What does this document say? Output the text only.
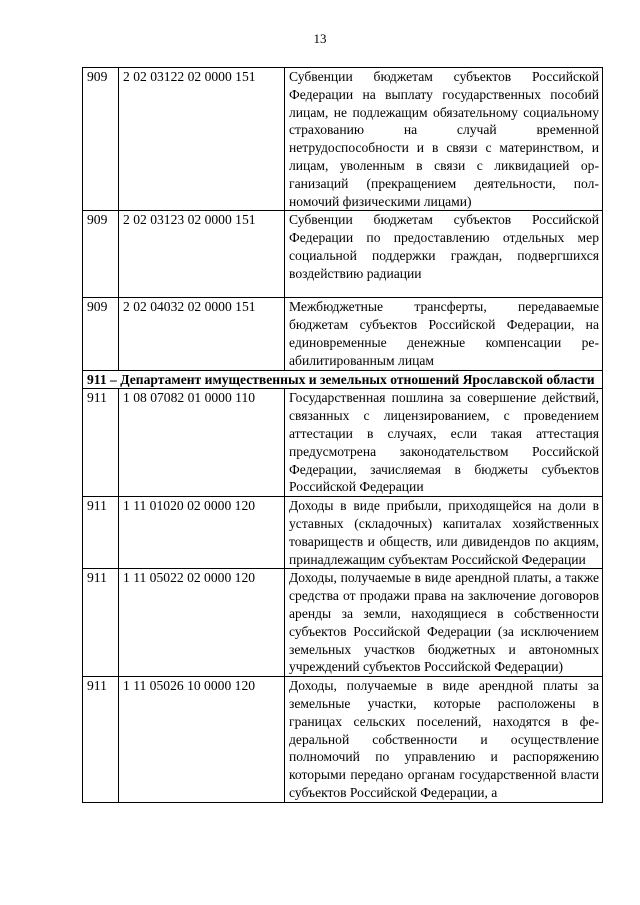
13
909	2 02 03122 02 0000 151	Субвенции бюджетам субъектов Российской Федерации на выплату государственных пособий лицам, не подлежащим обязательному социальному страхованию на случай временной нетрудоспособности и в связи с материнством, и лицам, уволенным в связи с ликвидацией организаций (прекращением деятельности, полномочий физическими лицами)
909	2 02 03123 02 0000 151	Субвенции бюджетам субъектов Российской Федерации по предоставлению отдельных мер социальной поддержки граждан, подвергшихся воздействию радиации
909	2 02 04032 02 0000 151	Межбюджетные трансферты, передаваемые бюджетам субъектов Российской Федерации, на единовременные денежные компенсации реабилитированным лицам
911 – Департамент имущественных и земельных отношений Ярославской области		
911	1 08 07082 01 0000 110	Государственная пошлина за совершение действий, связанных с лицензированием, с проведением аттестации в случаях, если такая аттестация предусмотрена законодательством Российской Федерации, зачисляемая в бюджеты субъектов Российской Федерации
911	1 11 01020 02 0000 120	Доходы в виде прибыли, приходящейся на доли в уставных (складочных) капиталах хозяйственных товариществ и обществ, или дивидендов по акциям, принадлежащим субъектам Российской Федерации
911	1 11 05022 02 0000 120	Доходы, получаемые в виде арендной платы, а также средства от продажи права на заключение договоров аренды за земли, находящиеся в собственности субъектов Российской Федерации (за исключением земельных участков бюджетных и автономных учреждений субъектов Российской Федерации)
911	1 11 05026 10 0000 120	Доходы, получаемые в виде арендной платы за земельные участки, которые расположены в границах сельских поселений, находятся в федеральной собственности и осуществление полномочий по управлению и распоряжению которыми передано органам государственной власти субъектов Российской Федерации, а
